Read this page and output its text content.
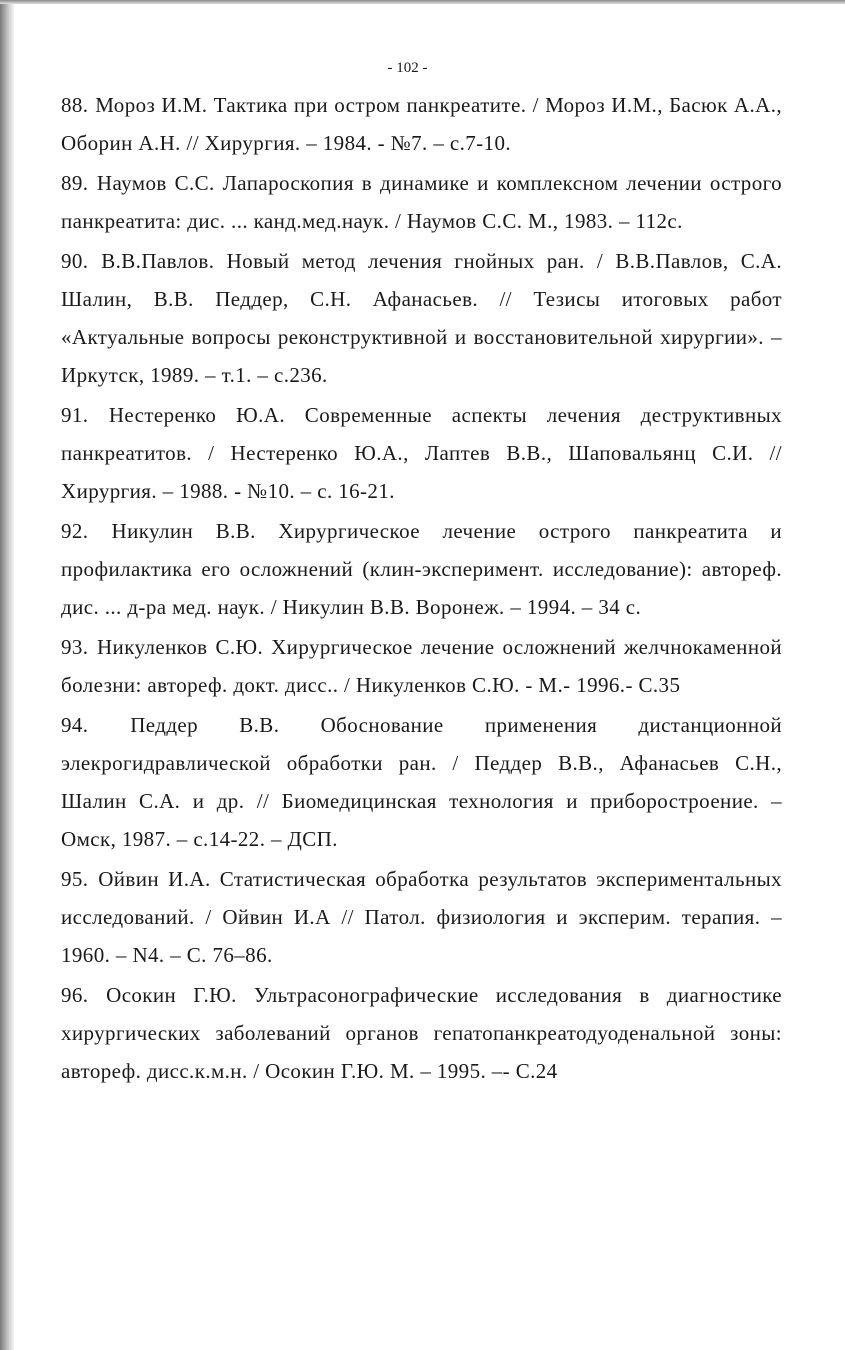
- 102 -
88. Мороз И.М. Тактика при остром панкреатите. / Мороз И.М., Басюк А.А., Оборин А.Н. // Хирургия. – 1984. - №7. – с.7-10.
89. Наумов С.С. Лапароскопия в динамике и комплексном лечении острого панкреатита: дис. ... канд.мед.наук. / Наумов С.С. М., 1983. – 112с.
90. В.В.Павлов. Новый метод лечения гнойных ран. / В.В.Павлов, С.А. Шалин, В.В. Педдер, С.Н. Афанасьев. // Тезисы итоговых работ «Актуальные вопросы реконструктивной и восстановительной хирургии». – Иркутск, 1989. – т.1. – с.236.
91. Нестеренко Ю.А. Современные аспекты лечения деструктивных панкреатитов. / Нестеренко Ю.А., Лаптев В.В., Шаповальянц С.И. // Хирургия. – 1988. - №10. – с. 16-21.
92. Никулин В.В. Хирургическое лечение острого панкреатита и профилактика его осложнений (клин-эксперимент. исследование): автореф. дис. ... д-ра мед. наук. / Никулин В.В. Воронеж. – 1994. – 34 с.
93. Никуленков С.Ю. Хирургическое лечение осложнений желчнокаменной болезни: автореф. докт. дисс.. / Никуленков С.Ю. - М.- 1996.- С.35
94. Педдер В.В. Обоснование применения дистанционной элекрогидравлической обработки ран. / Педдер В.В., Афанасьев С.Н., Шалин С.А. и др. // Биомедицинская технология и приборостроение. – Омск, 1987. – с.14-22. – ДСП.
95. Ойвин И.А. Статистическая обработка результатов экспериментальных исследований. / Ойвин И.А // Патол. физиология и эксперим. терапия. – 1960. – N4. – С. 76–86.
96. Осокин Г.Ю. Ультрасонографические исследования в диагностике хирургических заболеваний органов гепатопанкреатодуоденальной зоны: автореф. дисс.к.м.н. / Осокин Г.Ю. М. – 1995. –- С.24
